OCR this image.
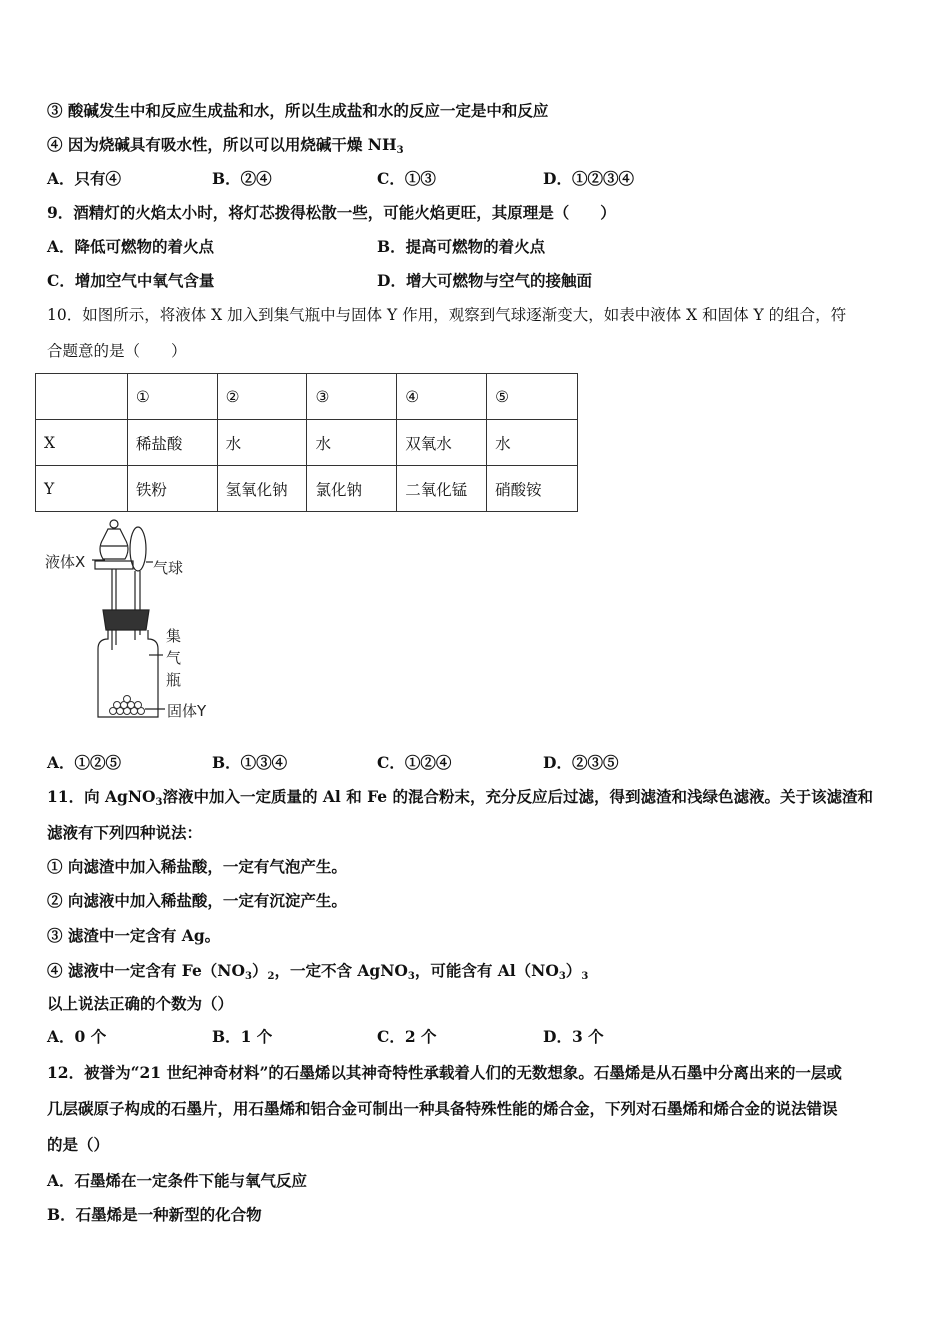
③ 酸碱发生中和反应生成盐和水，所以生成盐和水的反应一定是中和反应
④ 因为烧碱具有吸水性，所以可以用烧碱干燥 $NH_3$
A．只有④	B．②④	C．①③	D．①②③④
9．酒精灯的火焰太小时，将灯芯拨得松散一些，可能火焰更旺，其原理是（　　）
A．降低可燃物的着火点	B．提高可燃物的着火点
C．增加空气中氧气含量	D．增大可燃物与空气的接触面
10．如图所示，将液体 X 加入到集气瓶中与固体 Y 作用，观察到气球逐渐变大，如表中液体 X 和固体 Y 的组合，符
合题意的是（　　）
	①	②	③	④	⑤
X	稀盐酸	水	水	双氧水	水
Y	铁粉	氢氧化钠	氯化钠	二氧化锰	硝酸铵
液体X	气球
集
气
瓶
固体Y
A．①②⑤	B．①③④	C．①②④	D．②③⑤
11．向 AgNO$_3$溶液中加入一定质量的 Al 和 Fe 的混合粉末，充分反应后过滤，得到滤渣和浅绿色滤液。关于该滤渣和
滤液有下列四种说法：
① 向滤渣中加入稀盐酸，一定有气泡产生。
② 向滤液中加入稀盐酸，一定有沉淀产生。
③ 滤渣中一定含有 Ag。
④ 滤液中一定含有 $Fe(NO_3)_2$，一定不含 AgNO$_3$，可能含有 $Al(NO_3)_3$
以上说法正确的个数为（）
A．0 个	B．1 个	C．2 个	D．3 个
12．被誉为“21 世纪神奇材料”的石墨烯以其神奇特性承载着人们的无数想象。石墨烯是从石墨中分离出来的一层或
几层碳原子构成的石墨片，用石墨烯和铝合金可制出一种具备特殊性能的烯合金，下列对石墨烯和烯合金的说法错误
的是（）
A．石墨烯在一定条件下能与氧气反应
B．石墨烯是一种新型的化合物
